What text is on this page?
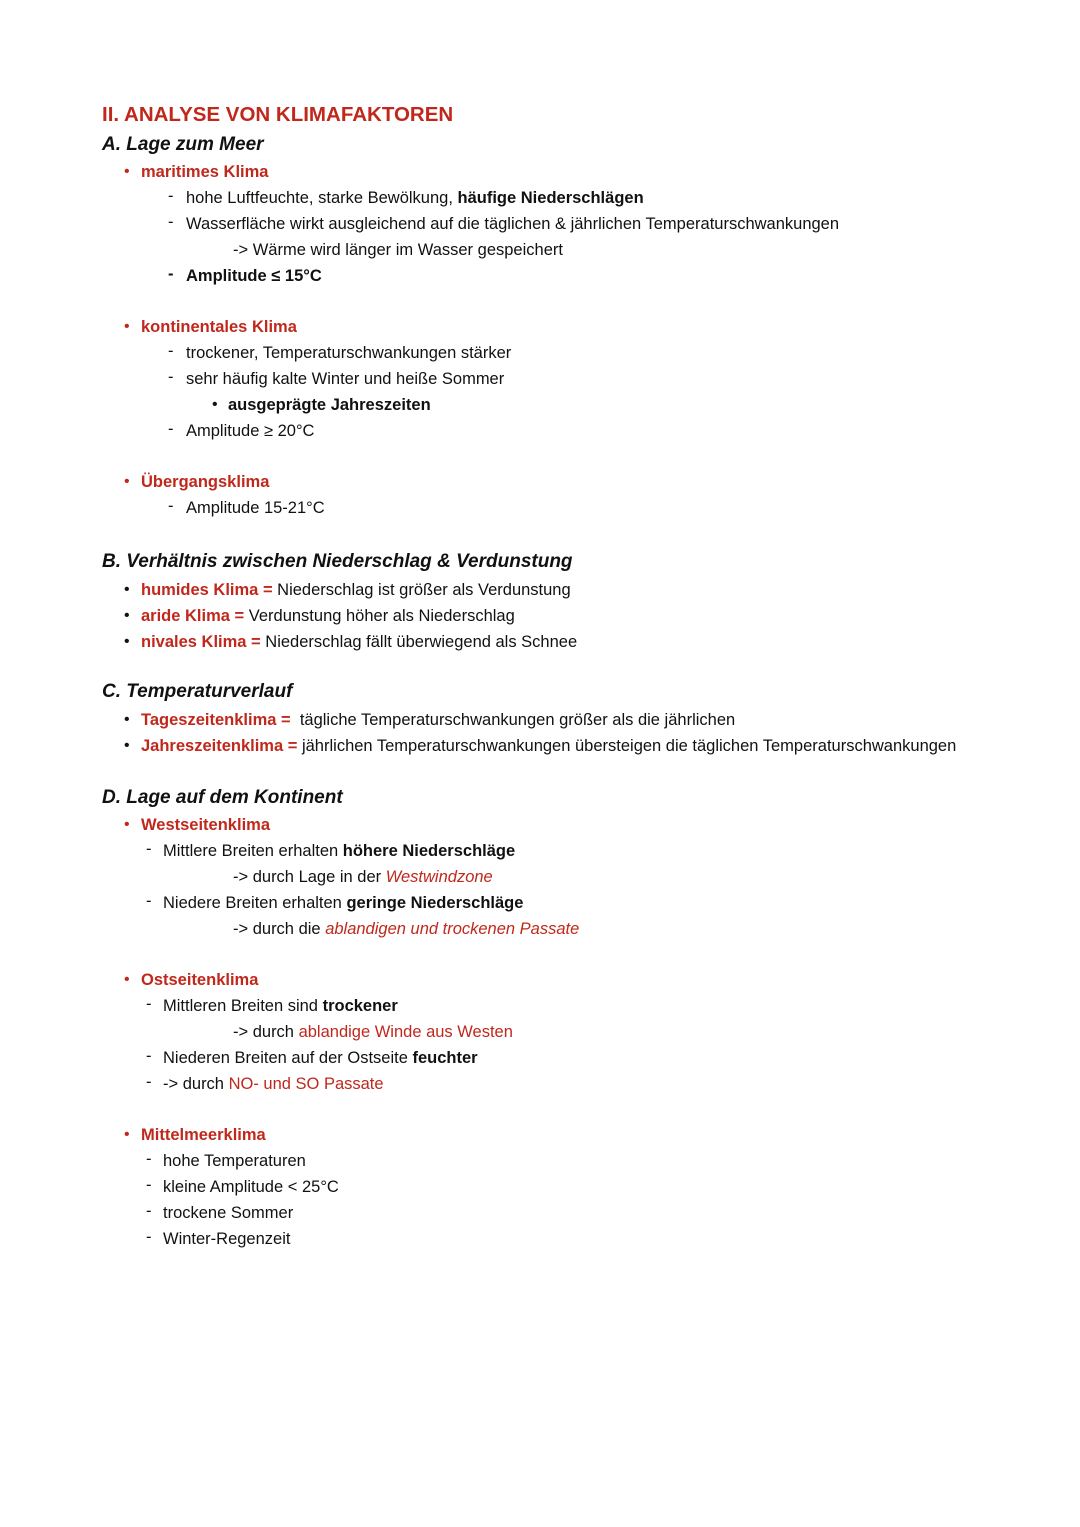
II. ANALYSE VON KLIMAFAKTOREN
A. Lage zum Meer
• maritimes Klima
- hohe Luftfeuchte, starke Bewölkung, häufige Niederschlägen
- Wasserfläche wirkt ausgleichend auf die täglichen & jährlichen Temperaturschwankungen
-> Wärme wird länger im Wasser gespeichert
- Amplitude ≤ 15°C
• kontinentales Klima
- trockener, Temperaturschwankungen stärker
- sehr häufig kalte Winter und heiße Sommer
• ausgeprägte Jahreszeiten
- Amplitude ≥ 20°C
• Übergangsklima
- Amplitude 15-21°C
B. Verhältnis zwischen Niederschlag & Verdunstung
• humides Klima = Niederschlag ist größer als Verdunstung
• aride Klima = Verdunstung höher als Niederschlag
• nivales Klima = Niederschlag fällt überwiegend als Schnee
C. Temperaturverlauf
• Tageszeitenklima =  tägliche Temperaturschwankungen größer als die jährlichen
• Jahreszeitenklima = jährlichen Temperaturschwankungen übersteigen die täglichen Temperaturschwankungen
D. Lage auf dem Kontinent
• Westseitenklima
- Mittlere Breiten erhalten höhere Niederschläge
-> durch Lage in der Westwindzone
- Niedere Breiten erhalten geringe Niederschläge
-> durch die ablandigen und trockenen Passate
• Ostseitenklima
- Mittleren Breiten sind trockener
-> durch ablandige Winde aus Westen
- Niederen Breiten auf der Ostseite feuchter
- -> durch NO- und SO Passate
• Mittelmeerklima
- hohe Temperaturen
- kleine Amplitude < 25°C
- trockene Sommer
- Winter-Regenzeit
